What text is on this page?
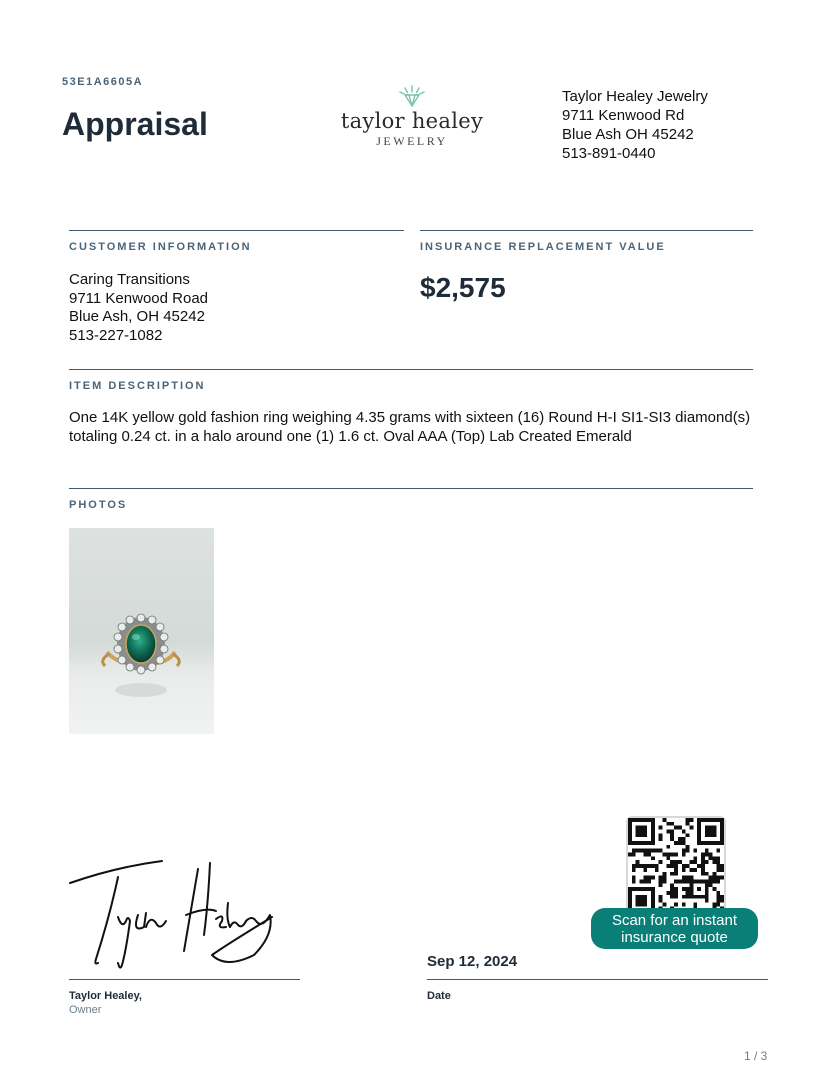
53E1A6605A
Appraisal	taylor healey
JEWELRY
Taylor Healey Jewelry
9711 Kenwood Rd
Blue Ash OH 45242
513-891-0440
CUSTOMER INFORMATION	INSURANCE REPLACEMENT VALUE
Caring Transitions
9711 Kenwood Road
Blue Ash, OH 45242
513-227-1082
$2,575
ITEM DESCRIPTION
One 14K yellow gold fashion ring weighing 4.35 grams with sixteen (16) Round H-I SI1-SI3 diamond(s) totaling 0.24 ct. in a halo around one (1) 1.6 ct. Oval AAA (Top) Lab Created Emerald
PHOTOS
Scan for an instant
insurance quote
Sep 12, 2024
Taylor Healey,
Owner
Date
1 / 3
